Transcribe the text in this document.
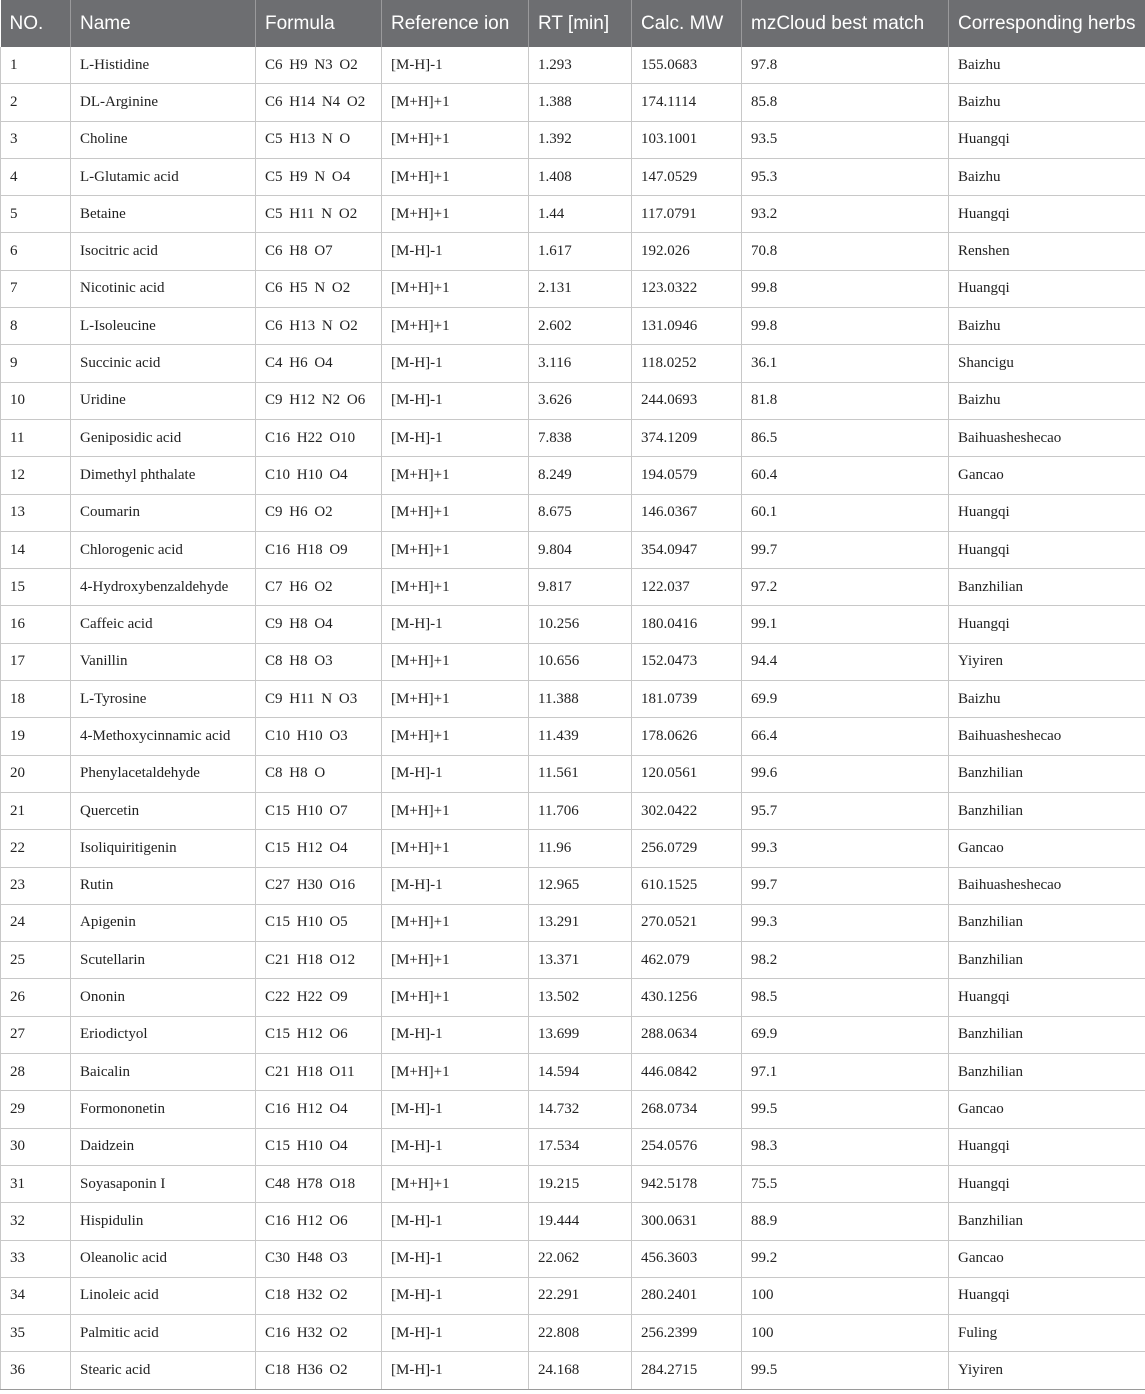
NO.	Name	Formula	Reference ion	RT [min]	Calc. MW	mzCloud best match	Corresponding herbs
1	L-Histidine	C6 H9 N3 O2	[M-H]-1	1.293	155.0683	97.8	Baizhu
2	DL-Arginine	C6 H14 N4 O2	[M+H]+1	1.388	174.1114	85.8	Baizhu
3	Choline	C5 H13 N O	[M+H]+1	1.392	103.1001	93.5	Huangqi
4	L-Glutamic acid	C5 H9 N O4	[M+H]+1	1.408	147.0529	95.3	Baizhu
5	Betaine	C5 H11 N O2	[M+H]+1	1.44	117.0791	93.2	Huangqi
6	Isocitric acid	C6 H8 O7	[M-H]-1	1.617	192.026	70.8	Renshen
7	Nicotinic acid	C6 H5 N O2	[M+H]+1	2.131	123.0322	99.8	Huangqi
8	L-Isoleucine	C6 H13 N O2	[M+H]+1	2.602	131.0946	99.8	Baizhu
9	Succinic acid	C4 H6 O4	[M-H]-1	3.116	118.0252	36.1	Shancigu
10	Uridine	C9 H12 N2 O6	[M-H]-1	3.626	244.0693	81.8	Baizhu
11	Geniposidic acid	C16 H22 O10	[M-H]-1	7.838	374.1209	86.5	Baihuasheshecao
12	Dimethyl phthalate	C10 H10 O4	[M+H]+1	8.249	194.0579	60.4	Gancao
13	Coumarin	C9 H6 O2	[M+H]+1	8.675	146.0367	60.1	Huangqi
14	Chlorogenic acid	C16 H18 O9	[M+H]+1	9.804	354.0947	99.7	Huangqi
15	4-Hydroxybenzaldehyde	C7 H6 O2	[M+H]+1	9.817	122.037	97.2	Banzhilian
16	Caffeic acid	C9 H8 O4	[M-H]-1	10.256	180.0416	99.1	Huangqi
17	Vanillin	C8 H8 O3	[M+H]+1	10.656	152.0473	94.4	Yiyiren
18	L-Tyrosine	C9 H11 N O3	[M+H]+1	11.388	181.0739	69.9	Baizhu
19	4-Methoxycinnamic acid	C10 H10 O3	[M+H]+1	11.439	178.0626	66.4	Baihuasheshecao
20	Phenylacetaldehyde	C8 H8 O	[M-H]-1	11.561	120.0561	99.6	Banzhilian
21	Quercetin	C15 H10 O7	[M+H]+1	11.706	302.0422	95.7	Banzhilian
22	Isoliquiritigenin	C15 H12 O4	[M+H]+1	11.96	256.0729	99.3	Gancao
23	Rutin	C27 H30 O16	[M-H]-1	12.965	610.1525	99.7	Baihuasheshecao
24	Apigenin	C15 H10 O5	[M+H]+1	13.291	270.0521	99.3	Banzhilian
25	Scutellarin	C21 H18 O12	[M+H]+1	13.371	462.079	98.2	Banzhilian
26	Ononin	C22 H22 O9	[M+H]+1	13.502	430.1256	98.5	Huangqi
27	Eriodictyol	C15 H12 O6	[M-H]-1	13.699	288.0634	69.9	Banzhilian
28	Baicalin	C21 H18 O11	[M+H]+1	14.594	446.0842	97.1	Banzhilian
29	Formononetin	C16 H12 O4	[M-H]-1	14.732	268.0734	99.5	Gancao
30	Daidzein	C15 H10 O4	[M-H]-1	17.534	254.0576	98.3	Huangqi
31	Soyasaponin I	C48 H78 O18	[M+H]+1	19.215	942.5178	75.5	Huangqi
32	Hispidulin	C16 H12 O6	[M-H]-1	19.444	300.0631	88.9	Banzhilian
33	Oleanolic acid	C30 H48 O3	[M-H]-1	22.062	456.3603	99.2	Gancao
34	Linoleic acid	C18 H32 O2	[M-H]-1	22.291	280.2401	100	Huangqi
35	Palmitic acid	C16 H32 O2	[M-H]-1	22.808	256.2399	100	Fuling
36	Stearic acid	C18 H36 O2	[M-H]-1	24.168	284.2715	99.5	Yiyiren
